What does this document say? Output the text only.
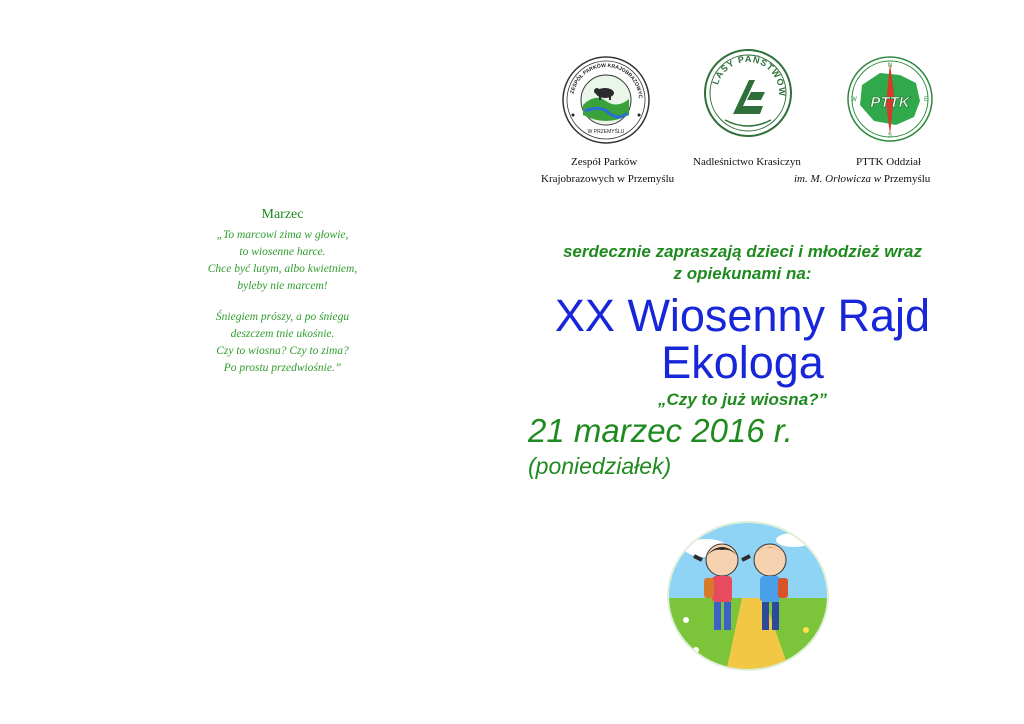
Marzec
„To marcowi zima w głowie,
to wiosenne harce.
Chce być lutym, albo kwietniem,
byleby nie marcem!
Śniegiem prószy, a po śniegu
deszczem tnie ukośnie.
Czy to wiosna? Czy to zima?
Po prostu przedwiośnie.”
ZESPÓŁ PARKÓW KRAJOBRAZOWYC
W PRZEMYŚLU
LASY PAŃSTWOW
PTTK
N
E
S
W
Zespół Parków
Krajobrazowych w Przemyślu
Nadleśnictwo Krasiczyn	PTTK Oddział
im. M. Orłowicza w Przemyślu
serdecznie zapraszają dzieci i młodzież wraz
z opiekunami na:
XX Wiosenny Rajd
Ekologa
„Czy to już wiosna?”
21 marzec 2016 r.
(poniedziałek)
